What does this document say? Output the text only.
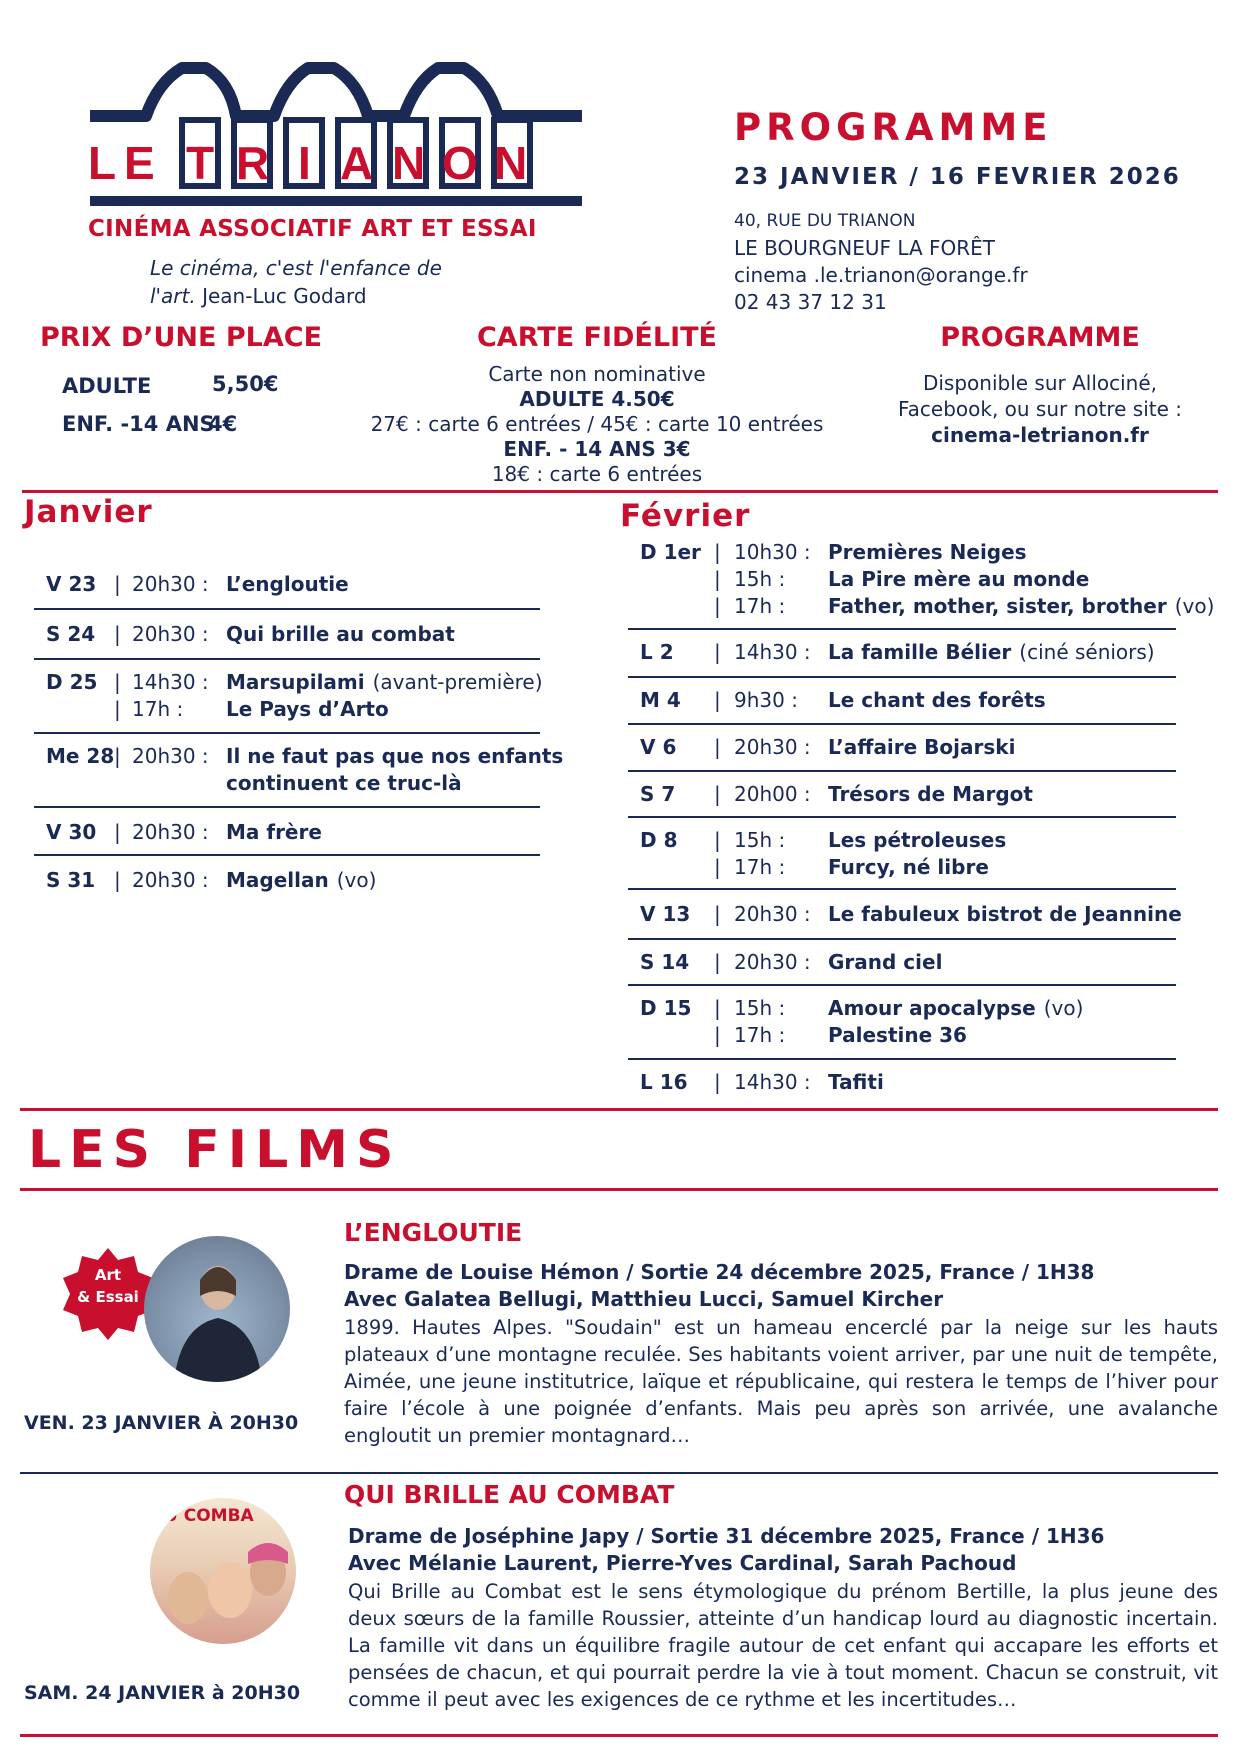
L E T R I A N O N
CINÉMA ASSOCIATIF ART ET ESSAI
Le cinéma, c'est l'enfance de
l'art. Jean-Luc Godard
PROGRAMME
23 JANVIER / 16 FEVRIER 2026
40, RUE DU TRIANON
LE BOURGNEUF LA FORÊT
cinema .le.trianon@orange.fr
02 43 37 12 31
PRIX D’UNE PLACE
ADULTE	5,50€
ENF. -14 ANS
4€
CARTE FIDÉLITÉ
Carte non nominative
ADULTE 4.50€
27€ : carte 6 entrées / 45€ : carte 10 entrées
ENF. - 14 ANS 3€
18€ : carte 6 entrées
PROGRAMME
Disponible sur Allociné,
Facebook, ou sur notre site :
cinema-letrianon.fr
Janvier
V 23 | 20h30 : L’engloutie
S 24 | 20h30 : Qui brille au combat
D 25 | 14h30 : Marsupilami (avant-première)
| 17h : Le Pays d’Arto
Me 28 | 20h30 : Il ne faut pas que nos enfants
continuent ce truc-là
V 30 | 20h30 : Ma frère
S 31 | 20h30 : Magellan (vo)
Février
D 1er | 10h30 : Premières Neiges
| 15h : La Pire mère au monde
| 17h : Father, mother, sister, brother (vo)
L 2 | 14h30 : La famille Bélier (ciné séniors)
M 4 | 9h30 : Le chant des forêts
V 6 | 20h30 : L’affaire Bojarski
S 7 | 20h00 : Trésors de Margot
D 8 | 15h : Les pétroleuses
| 17h : Furcy, né libre
V 13 | 20h30 : Le fabuleux bistrot de Jeannine
S 14 | 20h30 : Grand ciel
D 15 | 15h : Amour apocalypse (vo)
| 17h : Palestine 36
L 16 | 14h30 : Tafiti
LES FILMS
Art
& Essai
VEN. 23 JANVIER À 20H30
L’ENGLOUTIE
Drame de Louise Hémon / Sortie 24 décembre 2025, France / 1H38
Avec Galatea Bellugi, Matthieu Lucci, Samuel Kircher
1899. Hautes Alpes. "Soudain" est un hameau encerclé par la neige sur les hauts plateaux d’une montagne reculée. Ses habitants voient arriver, par une nuit de tempête, Aimée, une jeune institutrice, laïque et républicaine, qui restera le temps de l’hiver pour faire l’école à une poignée d’enfants. Mais peu après son arrivée, une avalanche engloutit un premier montagnard…
U COMBA
SAM. 24 JANVIER à 20H30
QUI BRILLE AU COMBAT
Drame de Joséphine Japy / Sortie 31 décembre 2025, France / 1H36
Avec Mélanie Laurent, Pierre-Yves Cardinal, Sarah Pachoud
Qui Brille au Combat est le sens étymologique du prénom Bertille, la plus jeune des deux sœurs de la famille Roussier, atteinte d’un handicap lourd au diagnostic incertain. La famille vit dans un équilibre fragile autour de cet enfant qui accapare les efforts et pensées de chacun, et qui pourrait perdre la vie à tout moment. Chacun se construit, vit comme il peut avec les exigences de ce rythme et les incertitudes…
